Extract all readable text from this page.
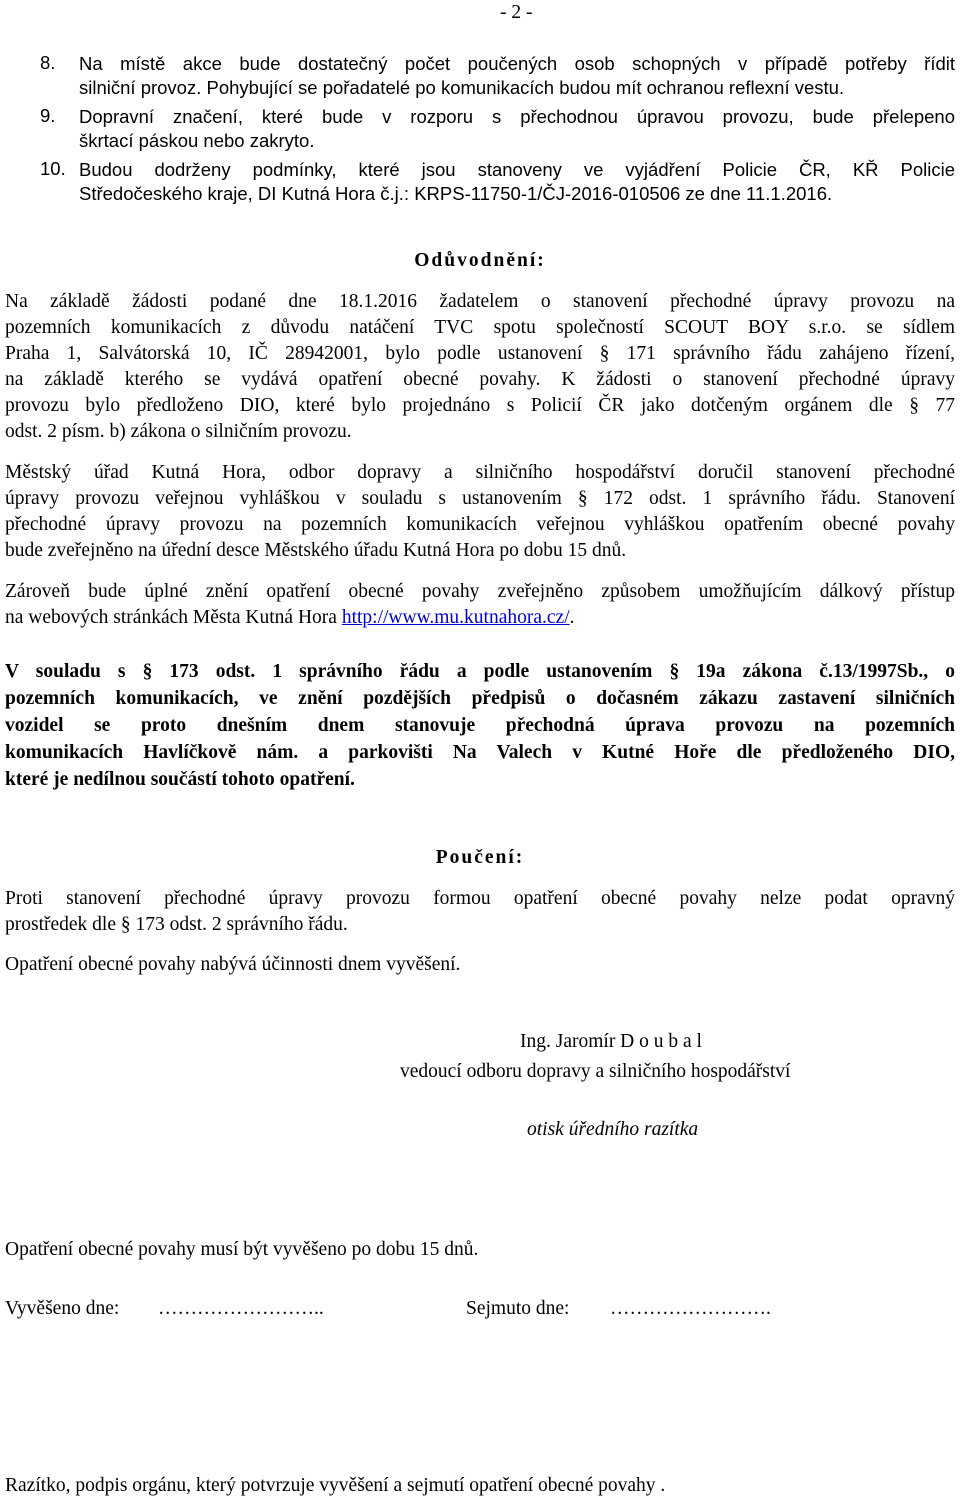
- 2 -
8. Na místě akce bude dostatečný počet poučených osob schopných v případě potřeby řídit
silniční provoz. Pohybující se pořadatelé po komunikacích budou mít ochranou reflexní vestu.
9. Dopravní značení, které bude v rozporu s přechodnou úpravou provozu, bude přelepeno
škrtací páskou nebo zakryto.
10. Budou dodrženy podmínky, které jsou stanoveny ve vyjádření Policie ČR, KŘ Policie
Středočeského kraje, DI Kutná Hora č.j.: KRPS-11750-1/ČJ-2016-010506 ze dne 11.1.2016.
Odůvodnění:
Na základě žádosti podané dne 18.1.2016 žadatelem o stanovení přechodné úpravy provozu na
pozemních komunikacích z důvodu natáčení TVC spotu společností SCOUT BOY s.r.o. se sídlem
Praha 1, Salvátorská 10, IČ 28942001, bylo podle ustanovení § 171 správního řádu zahájeno řízení,
na základě kterého se vydává opatření obecné povahy. K žádosti o stanovení přechodné úpravy
provozu bylo předloženo DIO, které bylo projednáno s Policií ČR jako dotčeným orgánem dle § 77
odst. 2 písm. b) zákona o silničním provozu.
Městský úřad Kutná Hora, odbor dopravy a silničního hospodářství doručil stanovení přechodné
úpravy provozu veřejnou vyhláškou v souladu s ustanovením § 172 odst. 1 správního řádu. Stanovení
přechodné úpravy provozu na pozemních komunikacích veřejnou vyhláškou opatřením obecné povahy
bude zveřejněno na úřední desce Městského úřadu Kutná Hora po dobu 15 dnů.
Zároveň bude úplné znění opatření obecné povahy zveřejněno způsobem umožňujícím dálkový přístup
na webových stránkách Města Kutná Hora http://www.mu.kutnahora.cz/.
V souladu s § 173 odst. 1 správního řádu a podle ustanovením § 19a zákona č.13/1997Sb., o
pozemních komunikacích, ve znění pozdějších předpisů o dočasném zákazu zastavení silničních
vozidel se proto dnešním dnem stanovuje přechodná úprava provozu na pozemních
komunikacích Havlíčkově nám. a parkovišti Na Valech v Kutné Hoře dle předloženého DIO,
které je nedílnou součástí tohoto opatření.
Poučení:
Proti stanovení přechodné úpravy provozu formou opatření obecné povahy nelze podat opravný
prostředek dle § 173 odst. 2 správního řádu.
Opatření obecné povahy nabývá účinnosti dnem vyvěšení.
Ing. Jaromír D o u b a l
vedoucí odboru dopravy a silničního hospodářství
otisk úředního razítka
Opatření obecné povahy musí být vyvěšeno po dobu 15 dnů.
Vyvěšeno dne: ……………………..	Sejmuto dne: …………………….
Razítko, podpis orgánu, který potvrzuje vyvěšení a sejmutí opatření obecné povahy .
